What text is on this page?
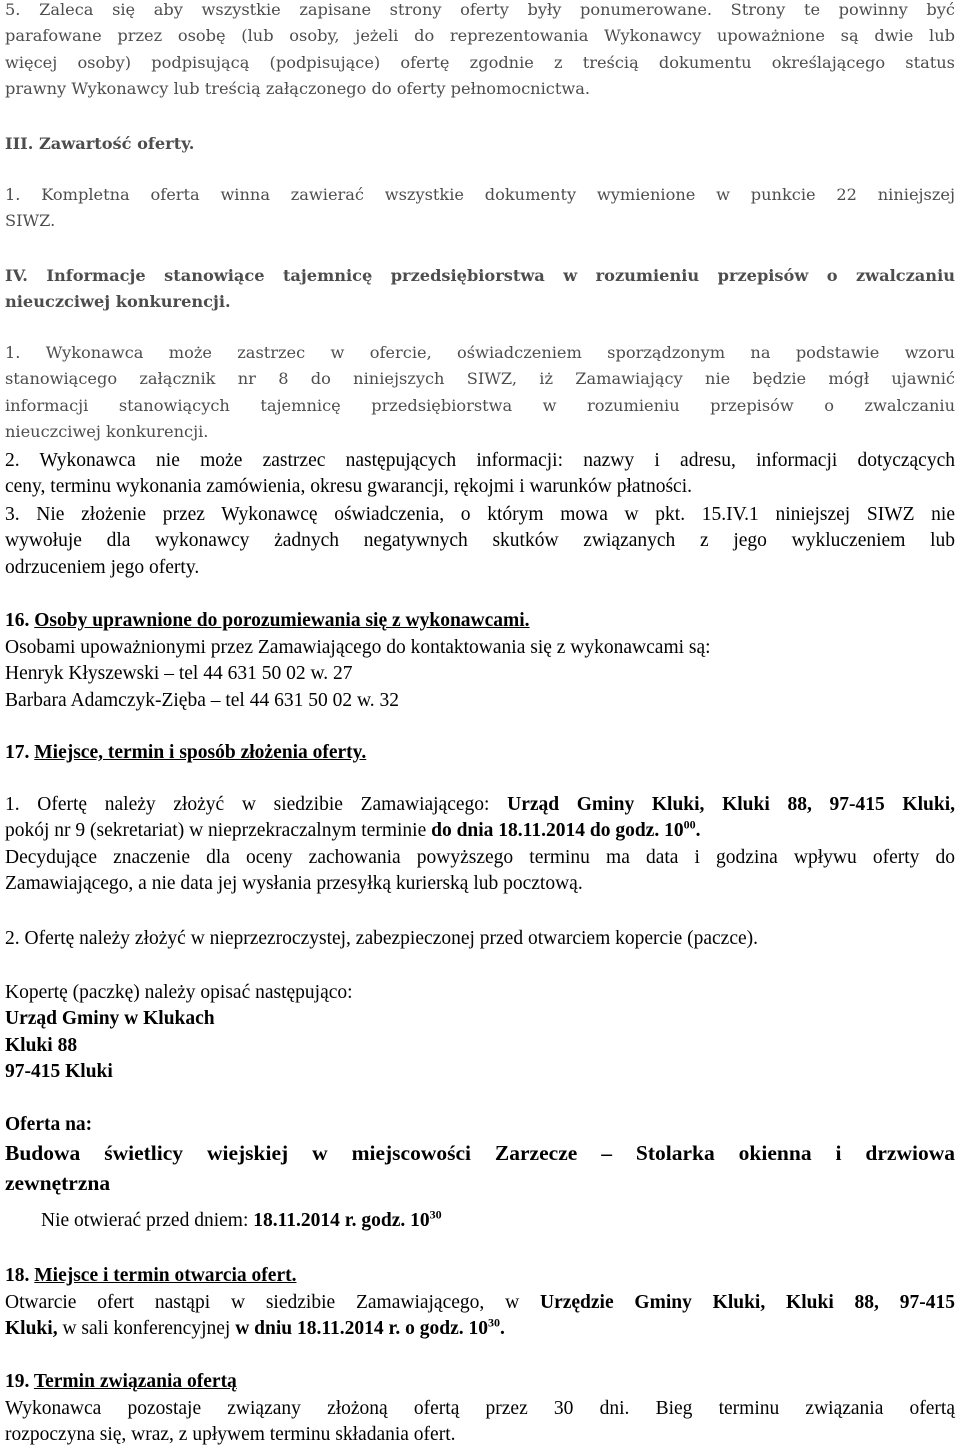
5. Zaleca się aby wszystkie zapisane strony oferty były ponumerowane. Strony te powinny być
parafowane przez osobę (lub osoby, jeżeli do reprezentowania Wykonawcy upoważnione są dwie lub
więcej osoby) podpisującą (podpisujące) ofertę zgodnie z treścią dokumentu określającego status
prawny Wykonawcy lub treścią załączonego do oferty pełnomocnictwa.
III. Zawartość oferty.
1. Kompletna oferta winna zawierać wszystkie dokumenty wymienione w punkcie 22 niniejszej
SIWZ.
IV. Informacje stanowiące tajemnicę przedsiębiorstwa w rozumieniu przepisów o zwalczaniu
nieuczciwej konkurencji.
1. Wykonawca może zastrzec w ofercie, oświadczeniem sporządzonym na podstawie wzoru
stanowiącego załącznik nr 8 do niniejszych SIWZ, iż Zamawiający nie będzie mógł ujawnić
informacji stanowiących tajemnicę przedsiębiorstwa w rozumieniu przepisów o zwalczaniu
nieuczciwej konkurencji.
2. Wykonawca nie może zastrzec następujących informacji: nazwy i adresu, informacji dotyczących
ceny, terminu wykonania zamówienia, okresu gwarancji, rękojmi i warunków płatności.
3. Nie złożenie przez Wykonawcę oświadczenia, o którym mowa w pkt. 15.IV.1 niniejszej SIWZ nie
wywołuje dla wykonawcy żadnych negatywnych skutków związanych z jego wykluczeniem lub
odrzuceniem jego oferty.
16. Osoby uprawnione do porozumiewania się z wykonawcami.
Osobami upoważnionymi przez Zamawiającego do kontaktowania się z wykonawcami są:
Henryk Kłyszewski – tel 44 631 50 02 w. 27
Barbara Adamczyk-Zięba – tel 44 631 50 02 w. 32
17. Miejsce, termin i sposób złożenia oferty.
1. Ofertę należy złożyć w siedzibie Zamawiającego: Urząd Gminy Kluki, Kluki 88, 97-415 Kluki,
pokój nr 9 (sekretariat) w nieprzekraczalnym terminie do dnia 18.11.2014 do godz. $10^{00}$.
Decydujące znaczenie dla oceny zachowania powyższego terminu ma data i godzina wpływu oferty do
Zamawiającego, a nie data jej wysłania przesyłką kurierską lub pocztową.
2. Ofertę należy złożyć w nieprzezroczystej, zabezpieczonej przed otwarciem kopercie (paczce).
Kopertę (paczkę) należy opisać następująco:
Urząd Gminy w Klukach
Kluki 88
97-415 Kluki
Oferta na:
Budowa świetlicy wiejskiej w miejscowości Zarzecze – Stolarka okienna i drzwiowa
zewnętrzna
Nie otwierać przed dniem: 18.11.2014 r. godz. $10^{30}$
18. Miejsce i termin otwarcia ofert.
Otwarcie ofert nastąpi w siedzibie Zamawiającego, w Urzędzie Gminy Kluki, Kluki 88, 97-415
Kluki, w sali konferencyjnej w dniu 18.11.2014 r. o godz. $10^{30}$.
19. Termin związania ofertą
Wykonawca pozostaje związany złożoną ofertą przez 30 dni. Bieg terminu związania ofertą
rozpoczyna się, wraz, z upływem terminu składania ofert.
